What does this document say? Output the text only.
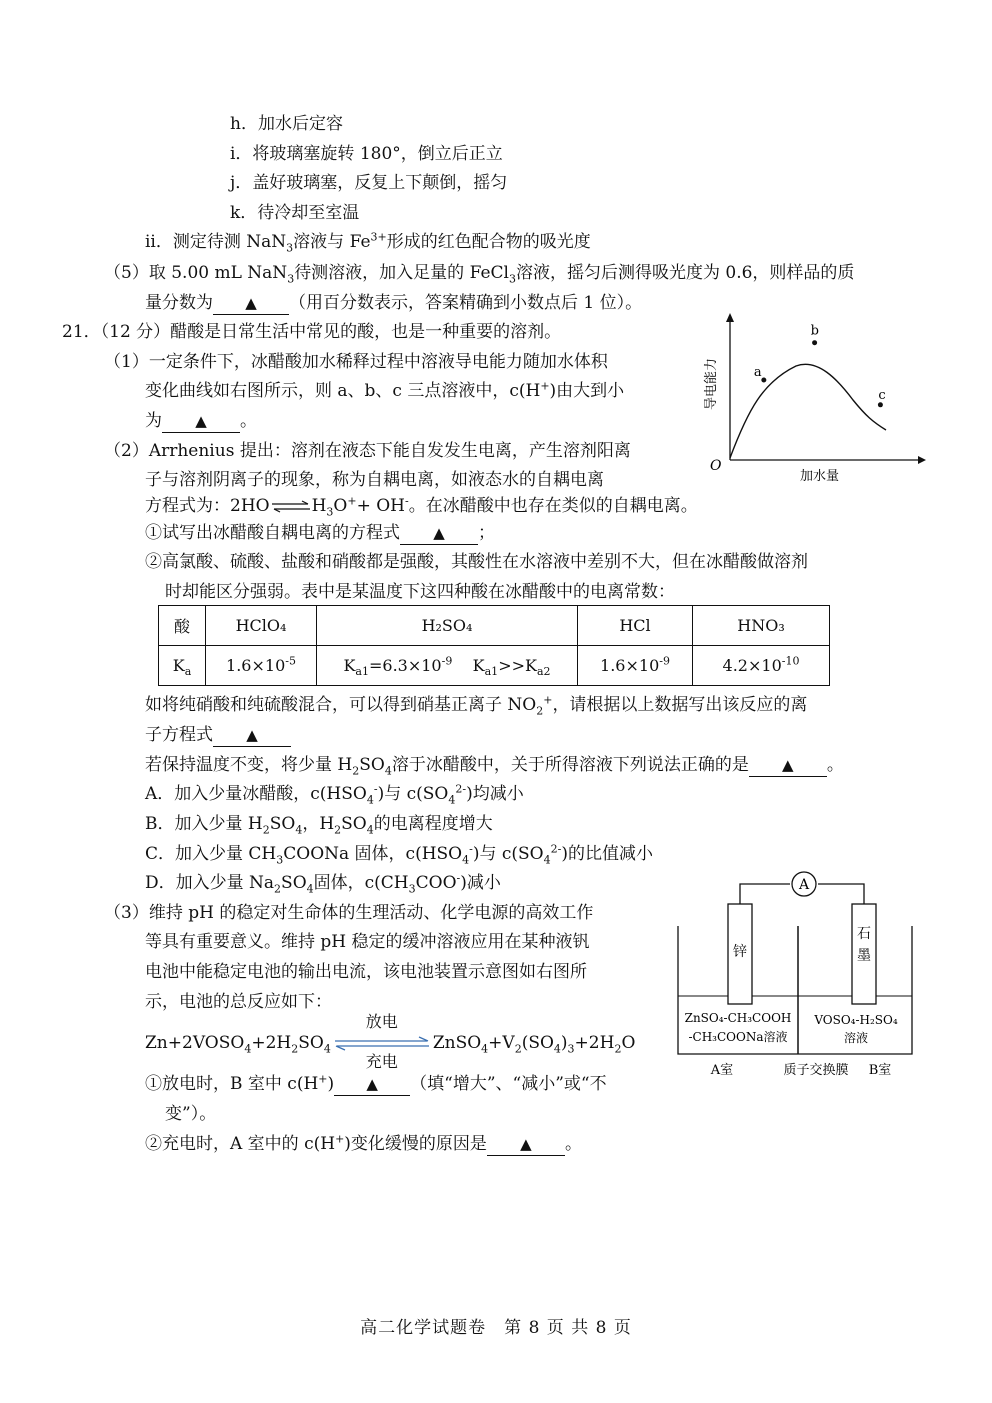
h．加水后定容
i．将玻璃塞旋转 180°，倒立后正立
j．盖好玻璃塞，反复上下颠倒，摇匀
k．待冷却至室温
ii．测定待测 NaN$_3$溶液与 $Fe^{3+}$形成的红色配合物的吸光度
（5）取 5.00 mL NaN$_3$待测溶液，加入足量的 FeCl$_3$溶液，摇匀后测得吸光度为 0.6，则样品的质
量分数为 ▲ （用百分数表示，答案精确到小数点后 1 位）。
21．（12 分）醋酸是日常生活中常见的酸，也是一种重要的溶剂。
（1）一定条件下，冰醋酸加水稀释过程中溶液导电能力随加水体积
变化曲线如右图所示，则 a、b、c 三点溶液中，c(H+)由大到小
为 ▲ 。
O
导电能力
加水量
a
b
c
（2）Arrhenius 提出：溶剂在液态下能自发发生电离，产生溶剂阳离
子与溶剂阴离子的现象，称为自耦电离，如液态水的自耦电离
方程式为：$2HO\rightleftharpoons H_3O^++ OH^-$。在冰醋酸中也存在类似的自耦电离。
①试写出冰醋酸自耦电离的方程式 ▲ ；
②高氯酸、硫酸、盐酸和硝酸都是强酸，其酸性在水溶液中差别不大，但在冰醋酸做溶剂
时却能区分强弱。表中是某温度下这四种酸在冰醋酸中的电离常数：
酸	HClO₄	H₂SO₄	HCl	HNO₃
$K_a$	$1.6\times 10^{-5}$	$K_{a1}=6.3\times 10^{-9}$ $K_{a1}>>K_{a2}$	$1.6\times 10^{-9}$	$4.2\times 10^{-10}$
如将纯硝酸和纯硫酸混合，可以得到硝基正离子 $NO_2^+$，请根据以上数据写出该反应的离
子方程式 ▲
若保持温度不变，将少量 $H_2SO_4$溶于冰醋酸中，关于所得溶液下列说法正确的是 ▲ 。
A．加入少量冰醋酸，$c(HSO_4^-)$与 $c(SO_4^{2-})$均减小
B．加入少量 $H_2SO_4$，$H_2SO_4$的电离程度增大
C．加入少量 $CH_3COONa$ 固体，$c(HSO_4^-)$与 $c(SO_4^{2-})$的比值减小
D．加入少量 $Na_2SO_4$固体，$c(CH_3COO^-)$减小
（3）维持 pH 的稳定对生命体的生理活动、化学电源的高效工作
等具有重要意义。维持 pH 稳定的缓冲溶液应用在某种液钒
电池中能稳定电池的输出电流，该电池装置示意图如右图所
示，电池的总反应如下：
$Zn+2VOSO_4+2H_2SO_4$
放电
充电
$ZnSO_4+V_2(SO_4)_3+2H_2O$
①放电时，B 室中 c(H+) ▲ （填“增大”、“减小”或“不
变”）。
②充电时，A 室中的 c(H+)变化缓慢的原因是 ▲ 。
A
锌
石
墨
ZnSO₄-CH₃COOH
-CH₃COONa溶液
VOSO₄-H₂SO₄
溶液
A室	质子交换膜 B室
高二化学试题卷　第 8 页 共 8 页
